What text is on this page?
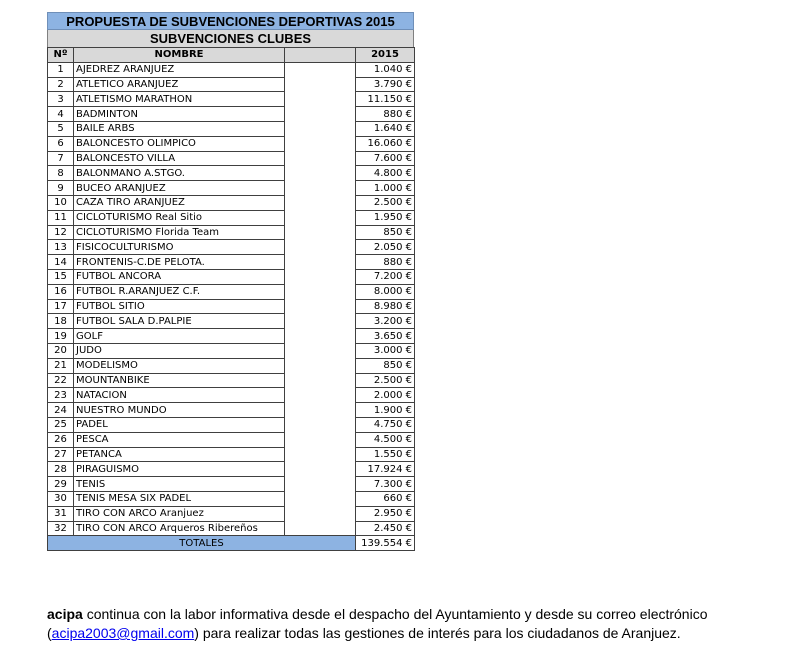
PROPUESTA DE SUBVENCIONES DEPORTIVAS 2015
SUBVENCIONES CLUBES
Nº	NOMBRE		2015
1	AJEDREZ ARANJUEZ		1.040 €
2	ATLETICO ARANJUEZ		3.790 €
3	ATLETISMO MARATHON		11.150 €
4	BADMINTON		880 €
5	BAILE ARBS		1.640 €
6	BALONCESTO OLIMPICO		16.060 €
7	BALONCESTO VILLA		7.600 €
8	BALONMANO A.STGO.		4.800 €
9	BUCEO ARANJUEZ		1.000 €
10	CAZA TIRO ARANJUEZ		2.500 €
11	CICLOTURISMO Real Sitio		1.950 €
12	CICLOTURISMO Florida Team		850 €
13	FISICOCULTURISMO		2.050 €
14	FRONTENIS-C.DE PELOTA.		880 €
15	FUTBOL ANCORA		7.200 €
16	FUTBOL R.ARANJUEZ C.F.		8.000 €
17	FUTBOL SITIO		8.980 €
18	FUTBOL SALA D.PALPIE		3.200 €
19	GOLF		3.650 €
20	JUDO		3.000 €
21	MODELISMO		850 €
22	MOUNTANBIKE		2.500 €
23	NATACION		2.000 €
24	NUESTRO MUNDO		1.900 €
25	PADEL		4.750 €
26	PESCA		4.500 €
27	PETANCA		1.550 €
28	PIRAGUISMO		17.924 €
29	TENIS		7.300 €
30	TENIS MESA SIX PADEL		660 €
31	TIRO CON ARCO Aranjuez		2.950 €
32	TIRO CON ARCO Arqueros Ribereños		2.450 €
TOTALES			139.554 €
acipa continua con la labor informativa desde el despacho del Ayuntamiento y desde su correo electrónico (acipa2003@gmail.com) para realizar todas las gestiones de interés para los ciudadanos de Aranjuez.
